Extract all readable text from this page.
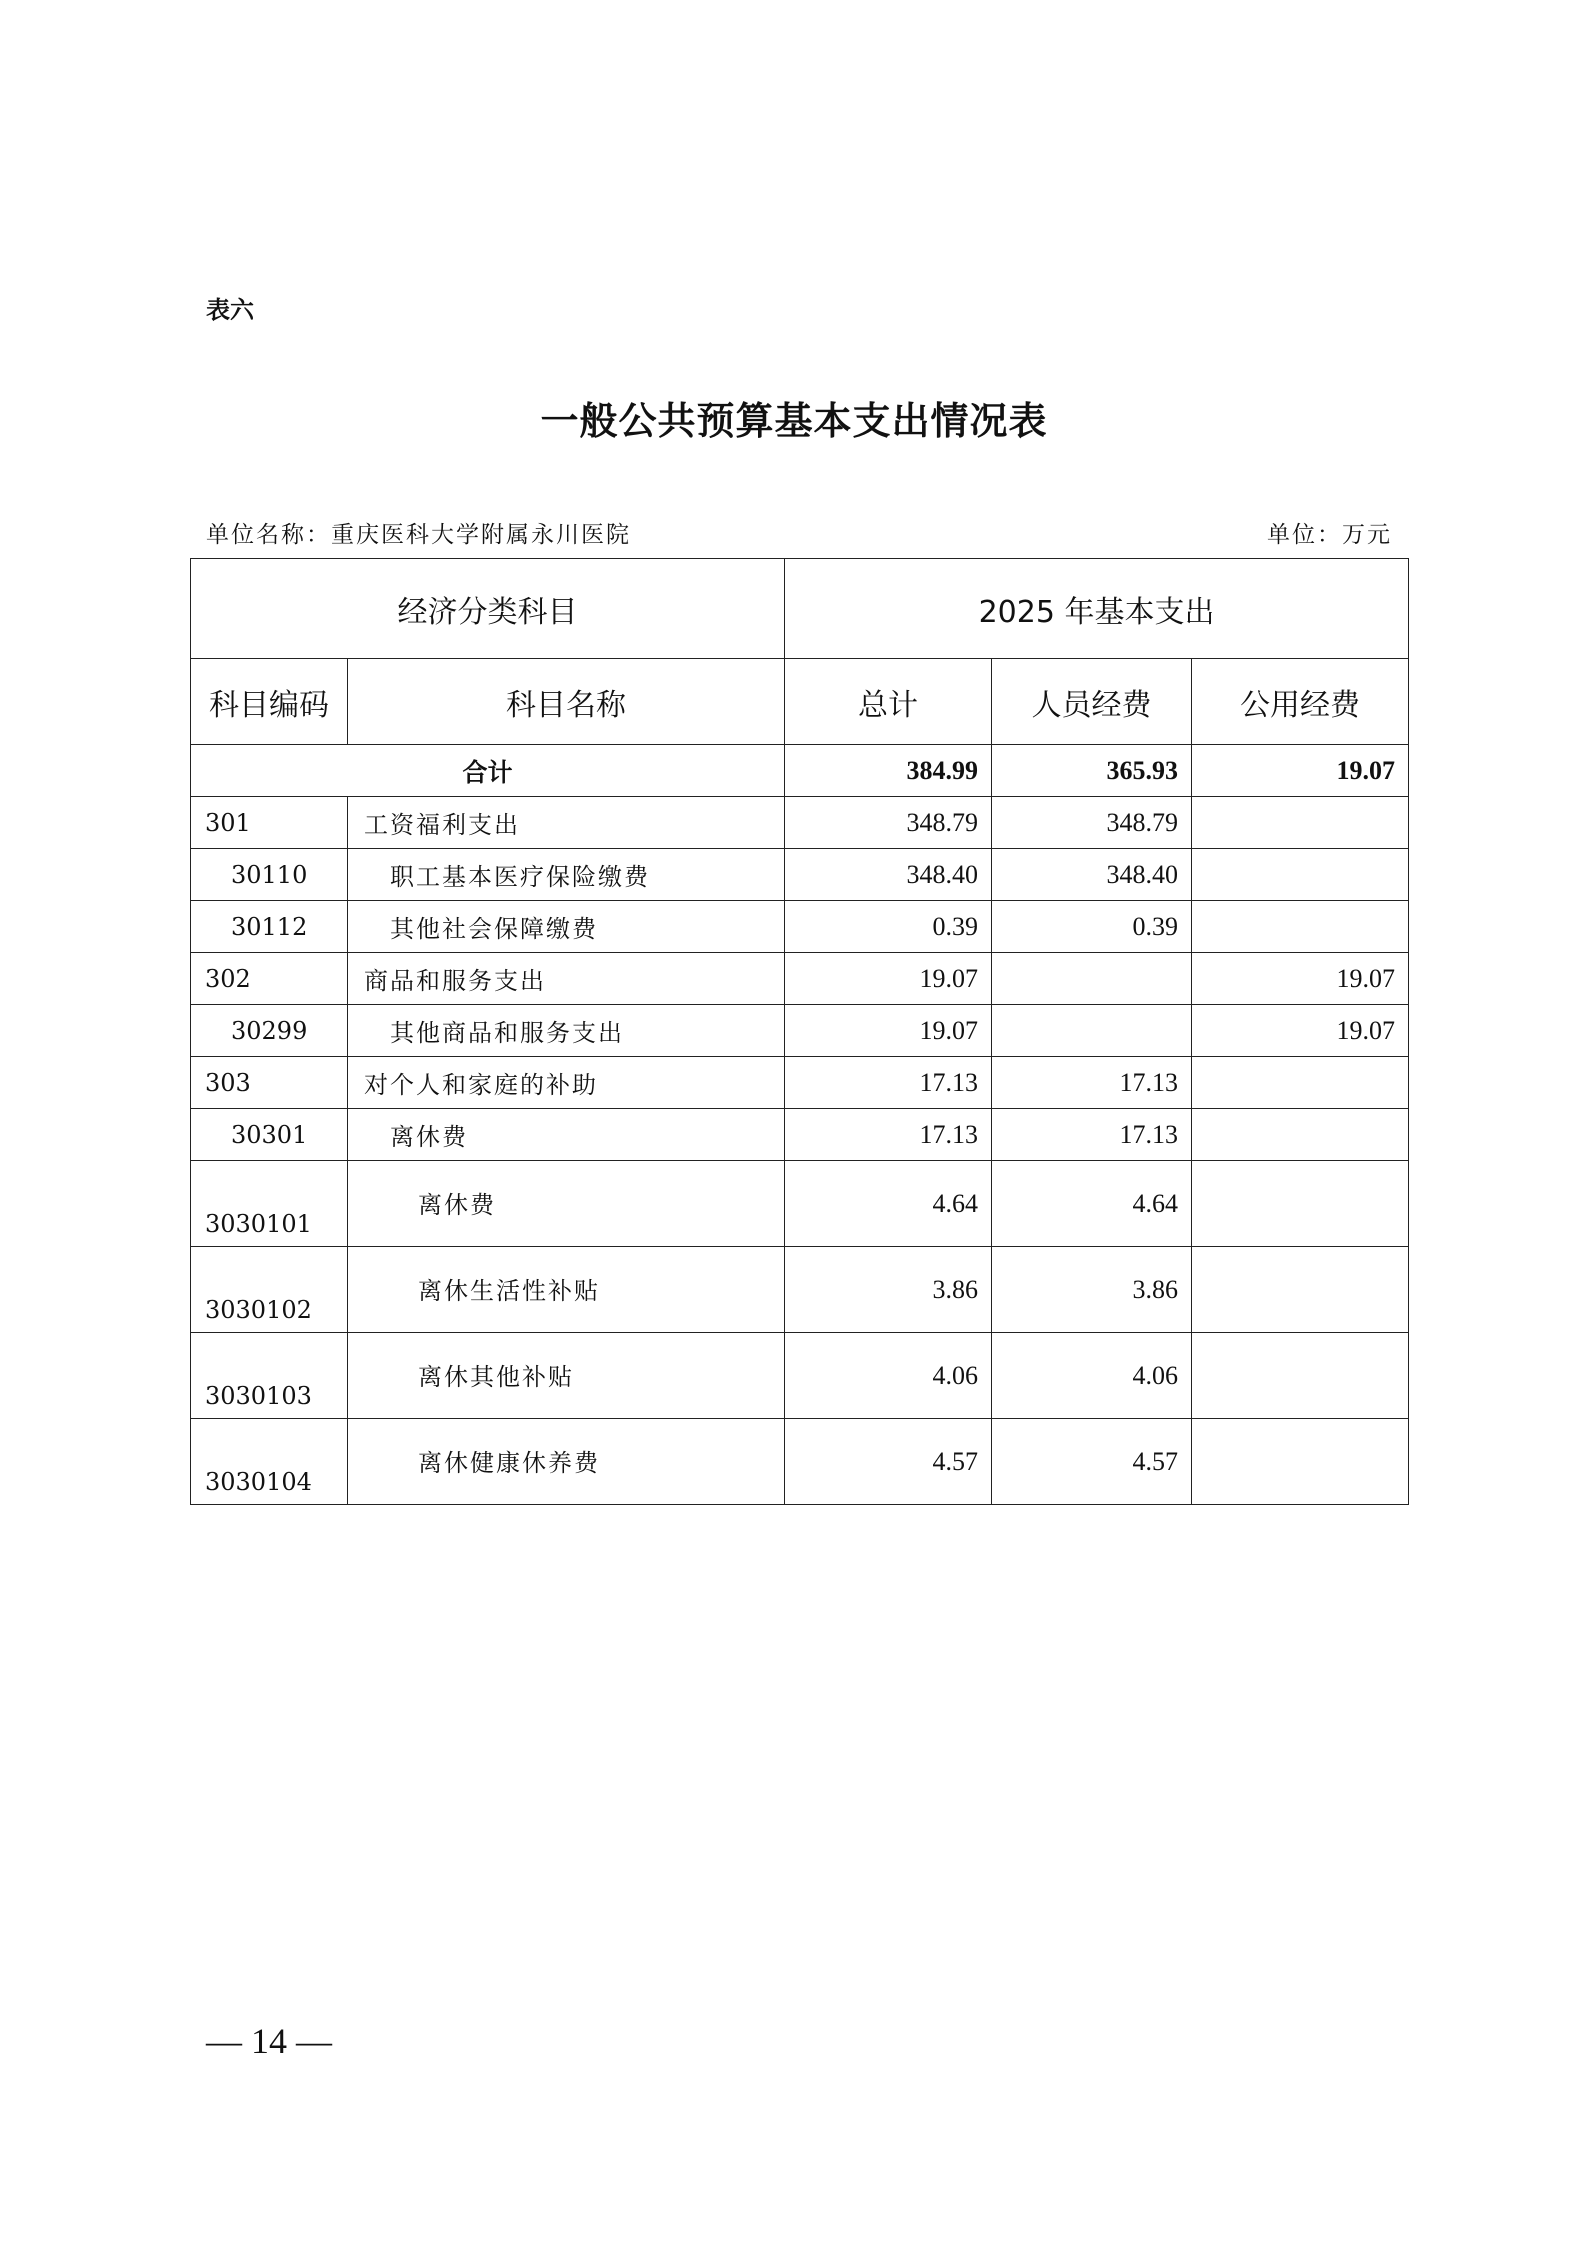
表六
一般公共预算基本支出情况表
单位名称：重庆医科大学附属永川医院	单位：万元
经济分类科目		2025 年基本支出		
科目编码	科目名称	总计	人员经费	公用经费
合计		384.99	365.93	19.07
301	工资福利支出	348.79	348.79	
30110	职工基本医疗保险缴费	348.40	348.40	
30112	其他社会保障缴费	0.39	0.39	
302	商品和服务支出	19.07		19.07
30299	其他商品和服务支出	19.07		19.07
303	对个人和家庭的补助	17.13	17.13	
30301	离休费	17.13	17.13	
3030101	离休费	4.64	4.64	
3030102	离休生活性补贴	3.86	3.86	
3030103	离休其他补贴	4.06	4.06	
3030104	离休健康休养费	4.57	4.57	
— 14 —
